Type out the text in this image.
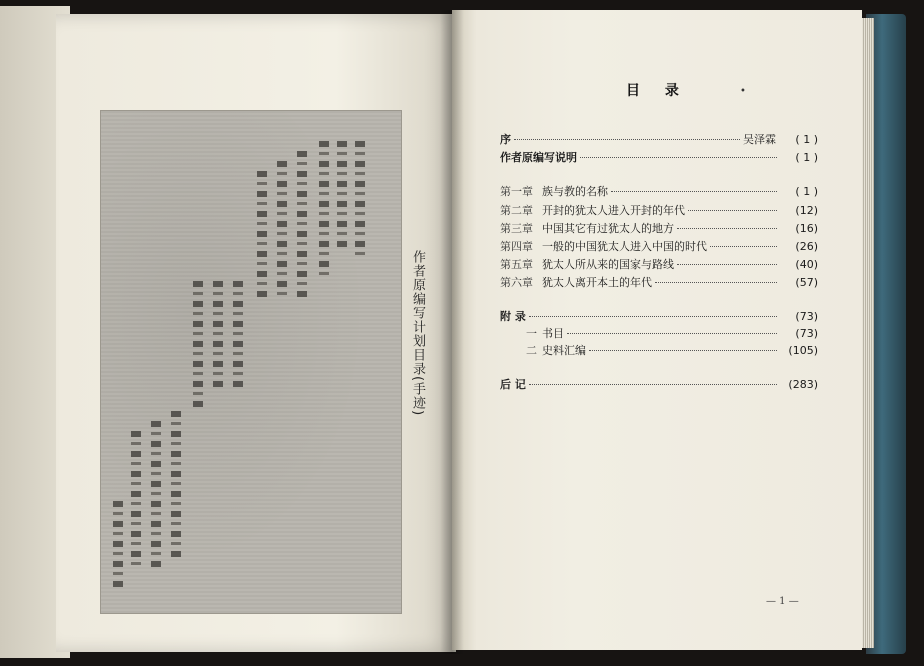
作者原编写计划目录(手迹)
目 录	•
序	吴泽霖	( 1 )
作者原编写说明	( 1 )
第一章 族与教的名称	( 1 )
第二章 开封的犹太人进入开封的年代	(12)
第三章 中国其它有过犹太人的地方	(16)
第四章 一般的中国犹太人进入中国的时代	(26)
第五章 犹太人所从来的国家与路线	(40)
第六章 犹太人离开本土的年代	(57)
附 录	(73)
一 书目	(73)
二 史料汇编	(105)
后 记	(283)
— 1 —
